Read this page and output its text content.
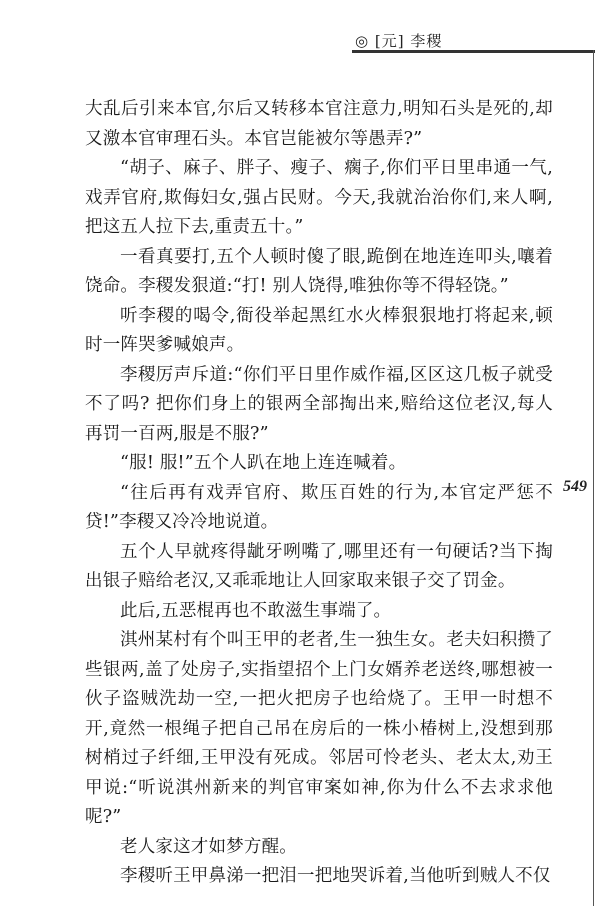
◎ [元] 李稷
549

大乱后引来本官,尔后又转移本官注意力,明知石头是死的,却又激本官审理石头。本官岂能被尔等愚弄?”

“胡子、麻子、胖子、瘦子、瘸子,你们平日里串通一气,戏弄官府,欺侮妇女,强占民财。今天,我就治治你们,来人啊,把这五人拉下去,重责五十。”

一看真要打,五个人顿时傻了眼,跪倒在地连连叩头,嚷着饶命。李稷发狠道:“打! 别人饶得,唯独你等不得轻饶。”

听李稷的喝令,衙役举起黑红水火棒狠狠地打将起来,顿时一阵哭爹喊娘声。

李稷厉声斥道:“你们平日里作威作福,区区这几板子就受不了吗? 把你们身上的银两全部掏出来,赔给这位老汉,每人再罚一百两,服是不服?”

“服! 服!”五个人趴在地上连连喊着。

“往后再有戏弄官府、欺压百姓的行为,本官定严惩不贷!”李稷又冷冷地说道。

五个人早就疼得龇牙咧嘴了,哪里还有一句硬话?当下掏出银子赔给老汉,又乖乖地让人回家取来银子交了罚金。

此后,五恶棍再也不敢滋生事端了。

淇州某村有个叫王甲的老者,生一独生女。老夫妇积攒了些银两,盖了处房子,实指望招个上门女婿养老送终,哪想被一伙子盗贼洗劫一空,一把火把房子也给烧了。王甲一时想不开,竟然一根绳子把自己吊在房后的一株小椿树上,没想到那树梢过子纤细,王甲没有死成。邻居可怜老头、老太太,劝王甲说:“听说淇州新来的判官审案如神,你为什么不去求求他呢?”

老人家这才如梦方醒。

李稷听王甲鼻涕一把泪一把地哭诉着,当他听到贼人不仅
